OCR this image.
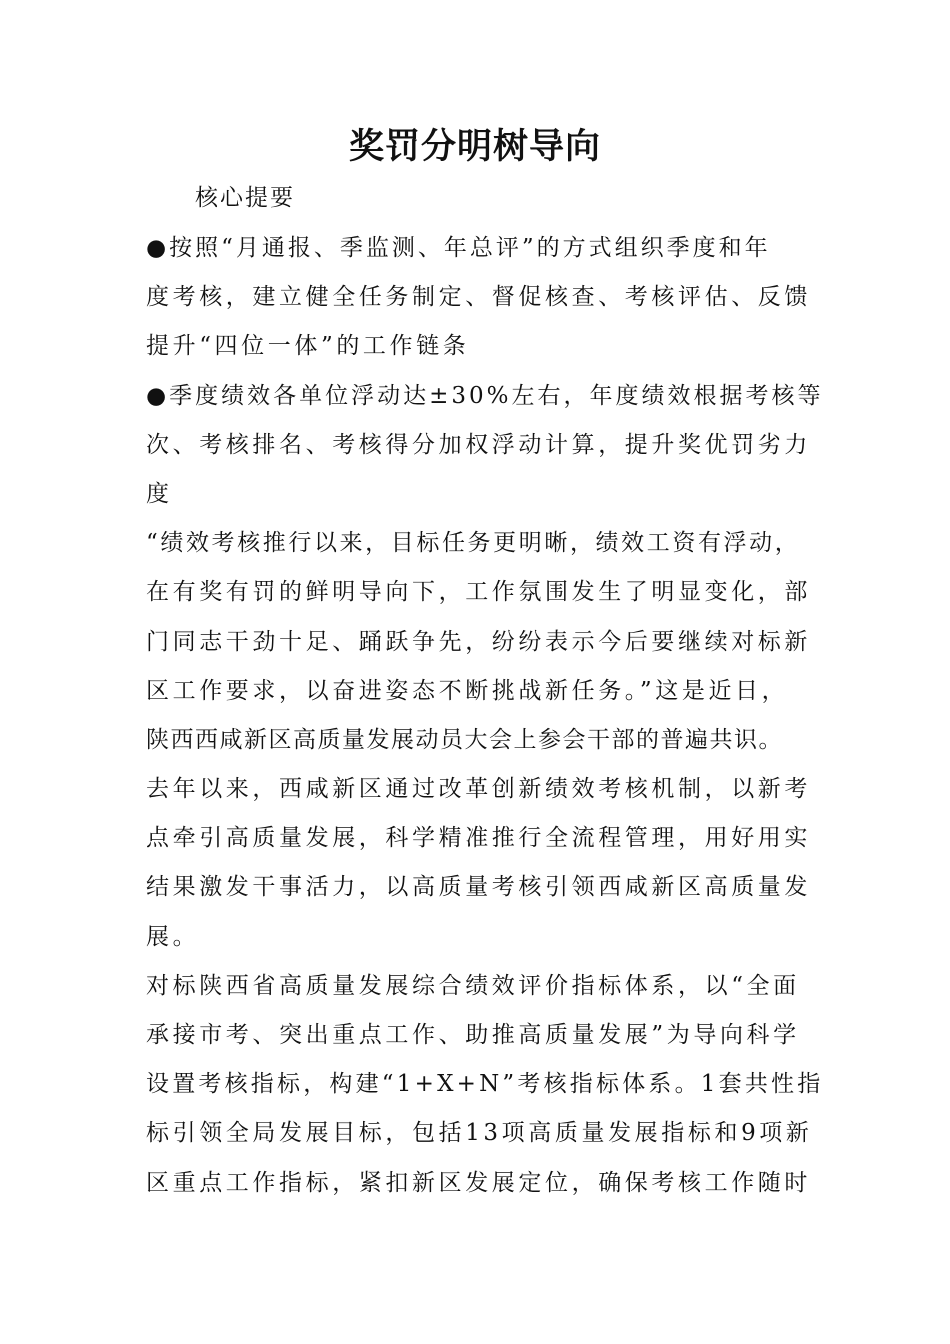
奖罚分明树导向
核心提要
●按照“月通报、季监测、年总评”的方式组织季度和年
度考核，建立健全任务制定、督促核查、考核评估、反馈
提升“四位一体”的工作链条
●季度绩效各单位浮动达±30%左右，年度绩效根据考核等
次、考核排名、考核得分加权浮动计算，提升奖优罚劣力
度
“绩效考核推行以来，目标任务更明晰，绩效工资有浮动，
在有奖有罚的鲜明导向下，工作氛围发生了明显变化，部
门同志干劲十足、踊跃争先，纷纷表示今后要继续对标新
区工作要求，以奋进姿态不断挑战新任务。”这是近日，
陕西西咸新区高质量发展动员大会上参会干部的普遍共识。
去年以来，西咸新区通过改革创新绩效考核机制，以新考
点牵引高质量发展，科学精准推行全流程管理，用好用实
结果激发干事活力，以高质量考核引领西咸新区高质量发
展。
对标陕西省高质量发展综合绩效评价指标体系，以“全面
承接市考、突出重点工作、助推高质量发展”为导向科学
设置考核指标，构建“1+X+N”考核指标体系。1套共性指
标引领全局发展目标，包括13项高质量发展指标和9项新
区重点工作指标，紧扣新区发展定位，确保考核工作随时
